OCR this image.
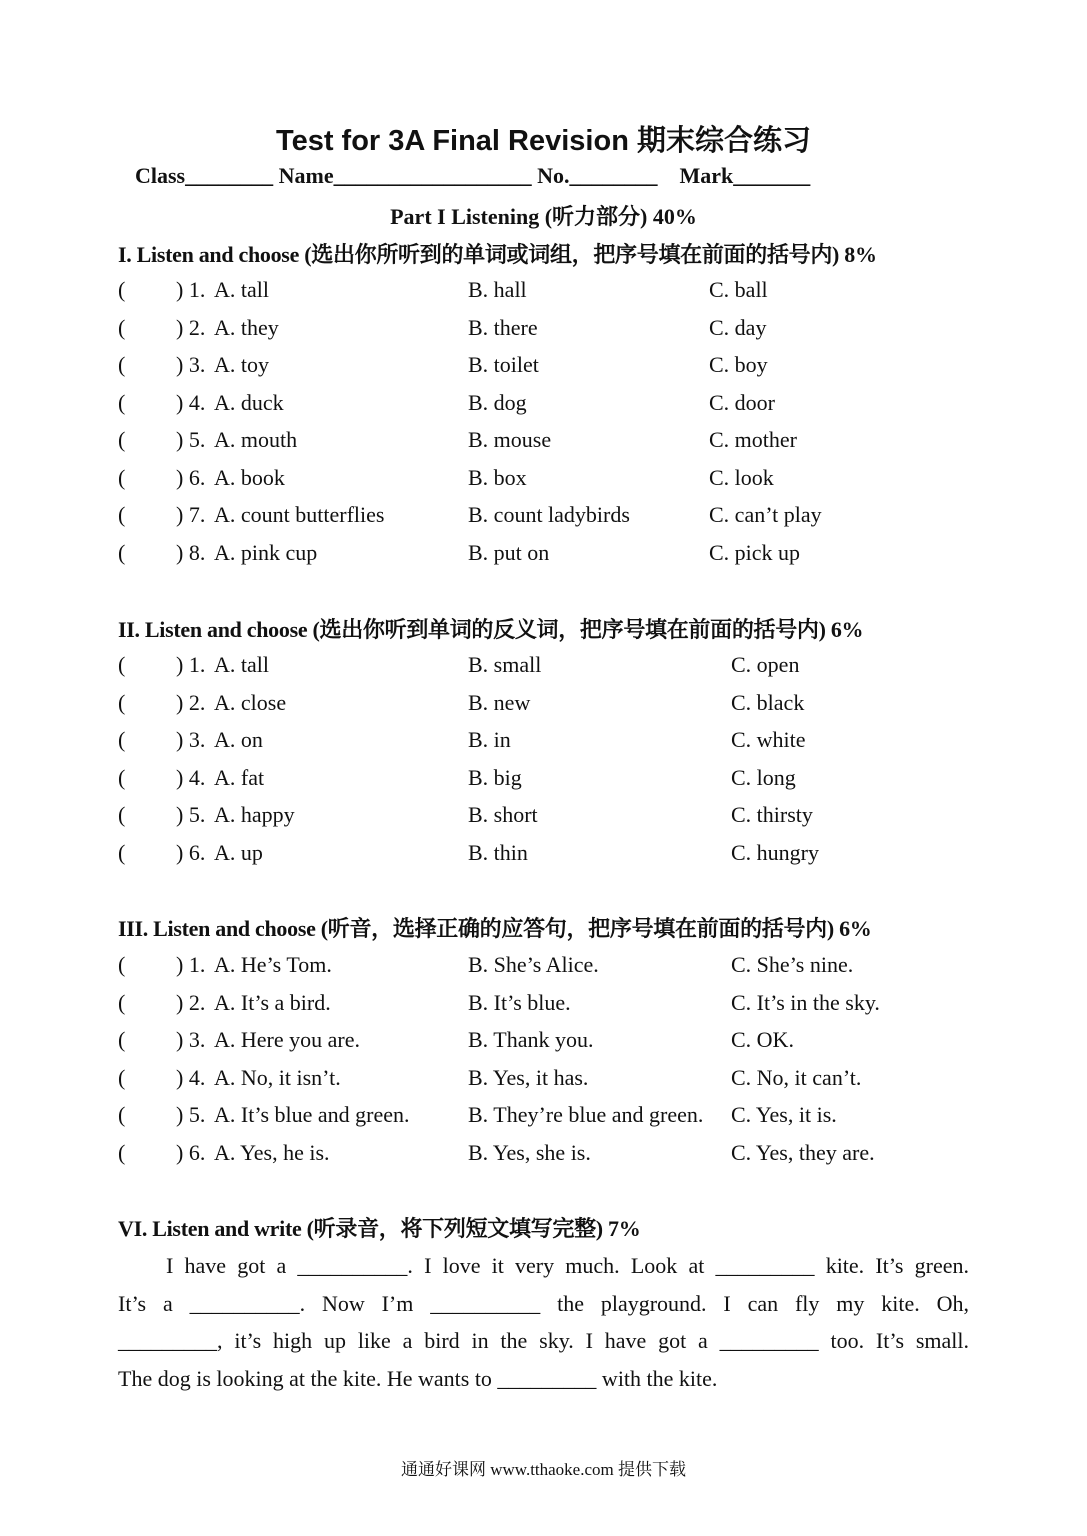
Test for 3A Final Revision 期末综合练习
Class________ Name__________________ No.________    Mark_______
Part I Listening (听力部分) 40%
I. Listen and choose (选出你所听到的单词或词组，把序号填在前面的括号内) 8%
( ) 1. A. tall	B. hall	C. ball
( ) 2. A. they	B. there	C. day
( ) 3. A. toy	B. toilet	C. boy
( ) 4. A. duck	B. dog	C. door
( ) 5. A. mouth	B. mouse	C. mother
( ) 6. A. book	B. box	C. look
( ) 7. A. count butterflies	B. count ladybirds	C. can’t play
( ) 8. A. pink cup	B. put on	C. pick up
II. Listen and choose (选出你听到单词的反义词，把序号填在前面的括号内) 6%
( ) 1. A. tall	B. small	C. open
( ) 2. A. close	B. new	C. black
( ) 3. A. on	B. in	C. white
( ) 4. A. fat	B. big	C. long
( ) 5. A. happy	B. short	C. thirsty
( ) 6. A. up	B. thin	C. hungry
III. Listen and choose (听音，选择正确的应答句，把序号填在前面的括号内) 6%
( ) 1. A. He’s Tom.	B. She’s Alice.	C. She’s nine.
( ) 2. A. It’s a bird.	B. It’s blue.	C. It’s in the sky.
( ) 3. A. Here you are.	B. Thank you.	C. OK.
( ) 4. A. No, it isn’t.	B. Yes, it has.	C. No, it can’t.
( ) 5. A. It’s blue and green.	B. They’re blue and green. C. Yes, it is.
( ) 6. A. Yes, he is.	B. Yes, she is.	C. Yes, they are.
VI. Listen and write (听录音，将下列短文填写完整) 7%
I have got a __________. I love it very much. Look at _________ kite. It’s green.
It’s a __________. Now I’m __________ the playground. I can fly my kite. Oh,
_________, it’s high up like a bird in the sky. I have got a _________ too. It’s small.
The dog is looking at the kite. He wants to _________ with the kite.
通通好课网 www.tthaoke.com 提供下载
